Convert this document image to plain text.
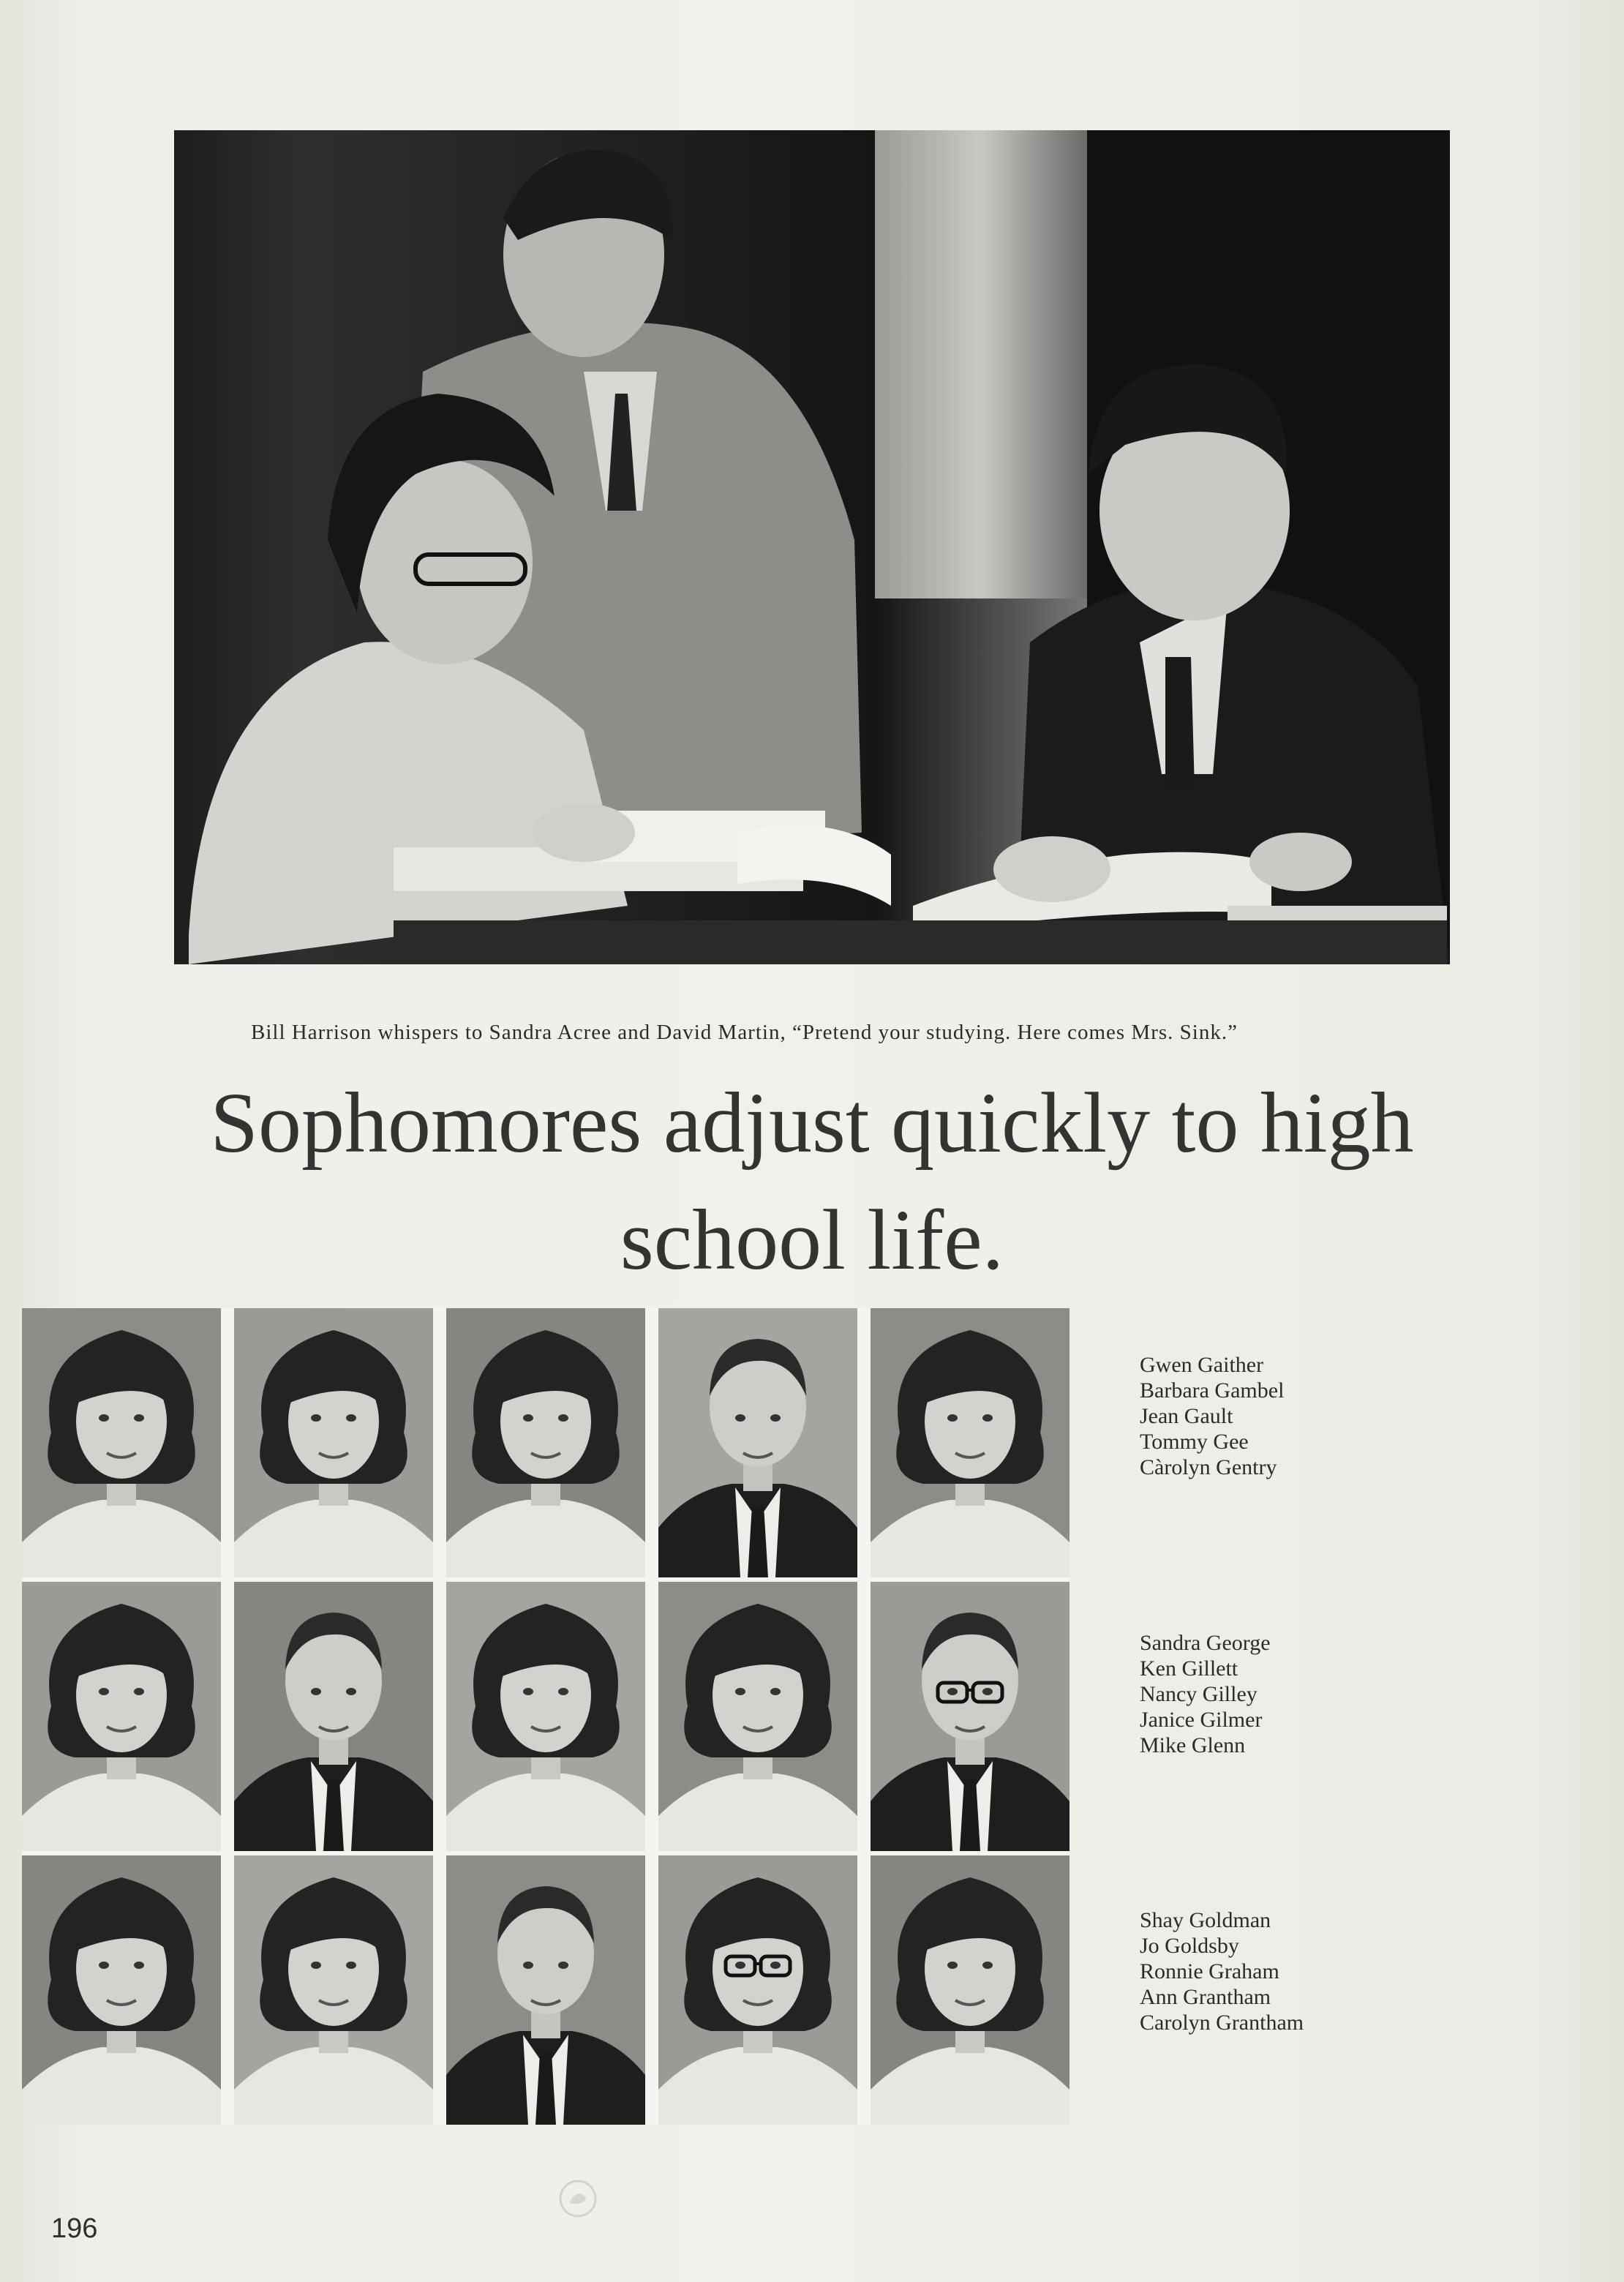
Bill Harrison whispers to Sandra Acree and David Martin, “Pretend your studying. Here comes Mrs. Sink.”

Sophomores adjust quickly to high
school life.
Gwen Gaither
Barbara Gambel
Jean Gault
Tommy Gee
Càrolyn Gentry
Sandra George
Ken Gillett
Nancy Gilley
Janice Gilmer
Mike Glenn
Shay Goldman
Jo Goldsby
Ronnie Graham
Ann Grantham
Carolyn Grantham
196
